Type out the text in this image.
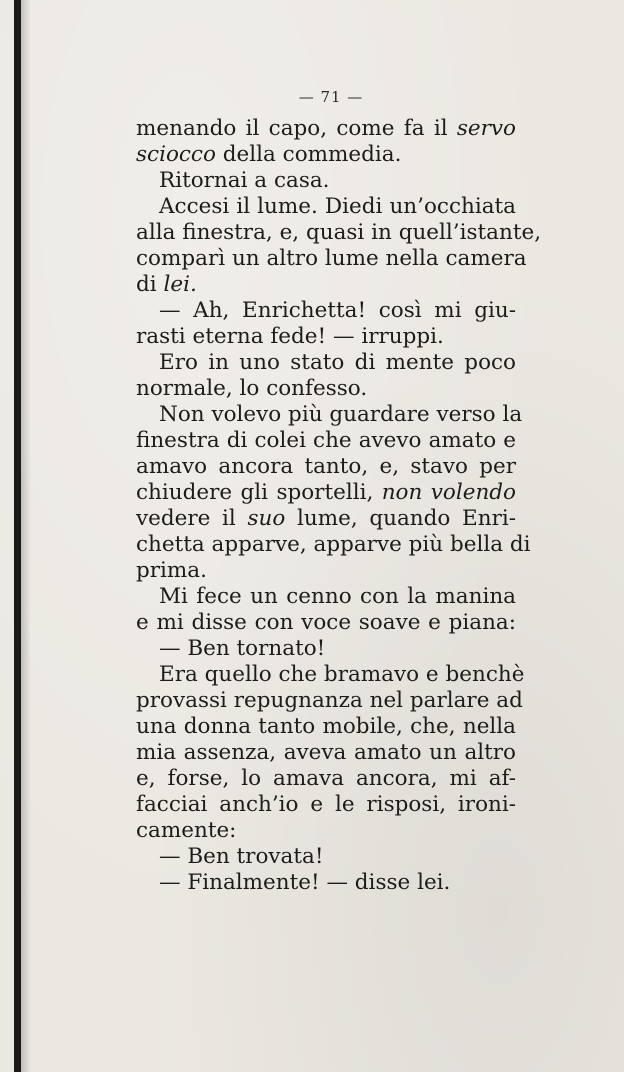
— 71 —
menando il capo, come fa il servo
sciocco della commedia.
Ritornai a casa.
Accesi il lume. Diedi un’occhiata
alla finestra, e, quasi in quell’istante,
comparì un altro lume nella camera
di lei.
— Ah, Enrichetta! così mi giu-
rasti eterna fede! — irruppi.
Ero in uno stato di mente poco
normale, lo confesso.
Non volevo più guardare verso la
finestra di colei che avevo amato e
amavo ancora tanto, e, stavo per
chiudere gli sportelli, non volendo
vedere il suo lume, quando Enri-
chetta apparve, apparve più bella di
prima.
Mi fece un cenno con la manina
e mi disse con voce soave e piana:
— Ben tornato!
Era quello che bramavo e benchè
provassi repugnanza nel parlare ad
una donna tanto mobile, che, nella
mia assenza, aveva amato un altro
e, forse, lo amava ancora, mi af-
facciai anch’io e le risposi, ironi-
camente:
— Ben trovata!
— Finalmente! — disse lei.
